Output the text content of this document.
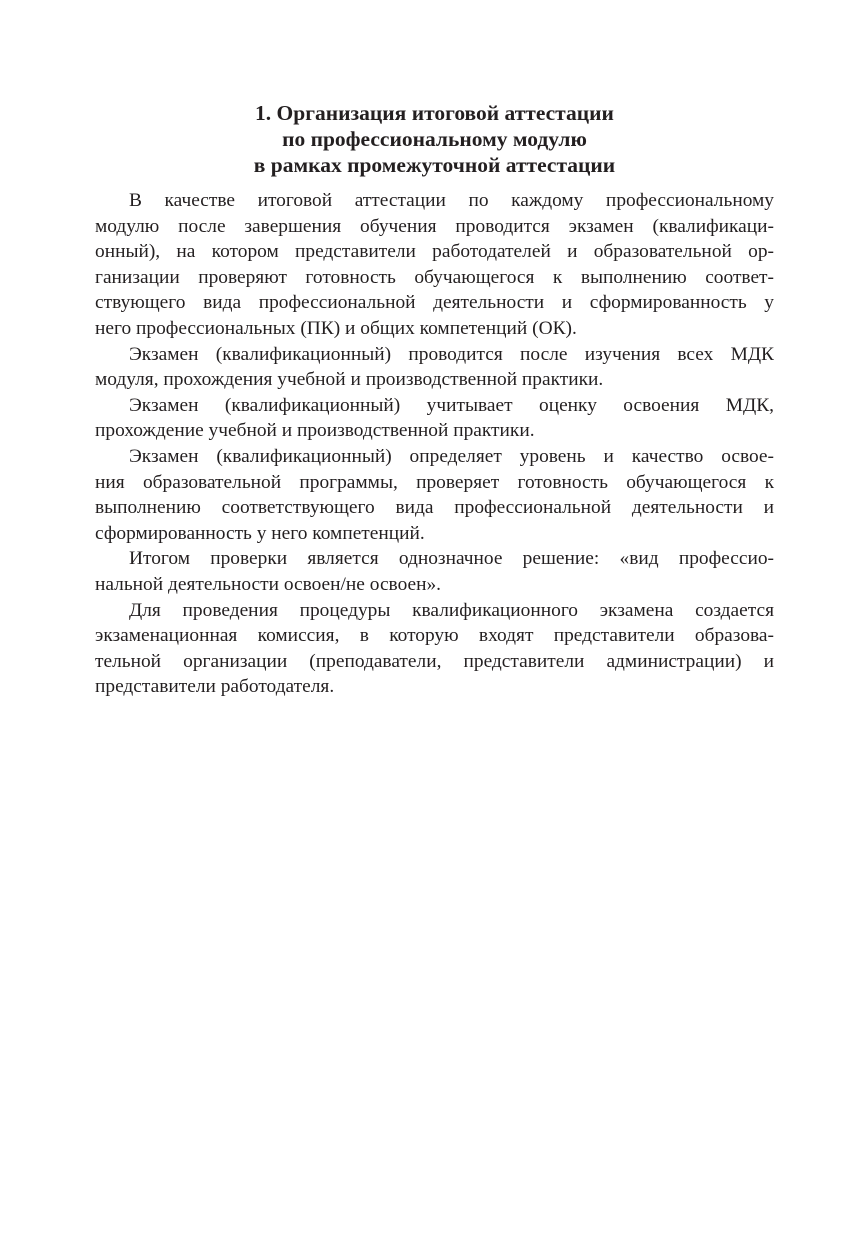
1. Организация итоговой аттестации
по профессиональному модулю
в рамках промежуточной аттестации

В качестве итоговой аттестации по каждому профессиональному
модулю после завершения обучения проводится экзамен (квалификаци-
онный), на котором представители работодателей и образовательной ор-
ганизации проверяют готовность обучающегося к выполнению соответ-
ствующего вида профессиональной деятельности и сформированность у
него профессиональных (ПК) и общих компетенций (ОК).

Экзамен (квалификационный) проводится после изучения всех МДК
модуля, прохождения учебной и производственной практики.

Экзамен (квалификационный) учитывает оценку освоения МДК,
прохождение учебной и производственной практики.

Экзамен (квалификационный) определяет уровень и качество освое-
ния образовательной программы, проверяет готовность обучающегося к
выполнению соответствующего вида профессиональной деятельности и
сформированность у него компетенций.

Итогом проверки является однозначное решение: «вид профессио-
нальной деятельности освоен/не освоен».

Для проведения процедуры квалификационного экзамена создается
экзаменационная комиссия, в которую входят представители образова-
тельной организации (преподаватели, представители администрации) и
представители работодателя.
